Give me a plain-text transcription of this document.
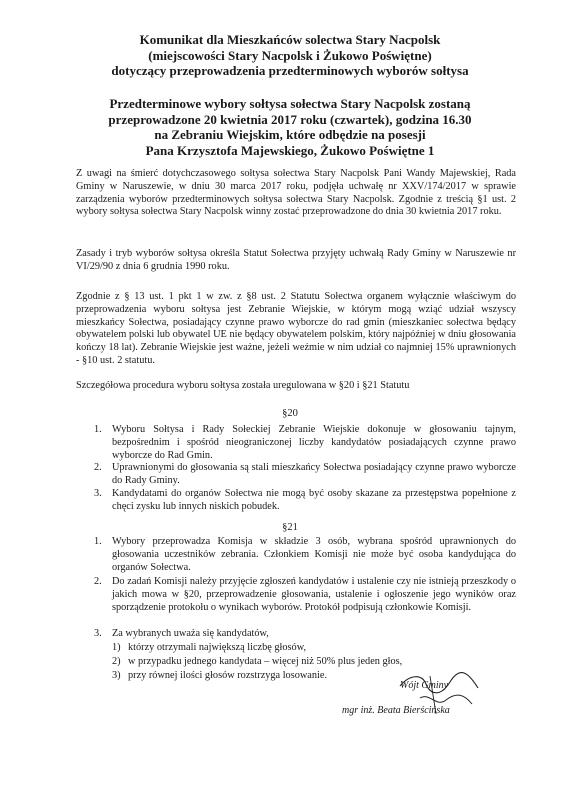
Komunikat dla Mieszkańców solectwa Stary Nacpolsk
(miejscowości Stary Nacpolsk i Żukowo Poświętne)
dotyczący przeprowadzenia przedterminowych wyborów sołtysa
Przedterminowe wybory sołtysa sołectwa Stary Nacpolsk zostaną
przeprowadzone 20 kwietnia 2017 roku (czwartek), godzina 16.30
na Zebraniu Wiejskim, które odbędzie na posesji
Pana Krzysztofa Majewskiego, Żukowo Poświętne 1
Z uwagi na śmierć dotychczasowego sołtysa sołectwa Stary Nacpolsk Pani Wandy Majewskiej, Rada Gminy w Naruszewie, w dniu 30 marca 2017 roku, podjęła uchwałę nr XXV/174/2017 w sprawie zarządzenia wyborów przedterminowych sołtysa sołectwa Stary Nacpolsk. Zgodnie z treścią §1 ust. 2 wybory sołtysa sołectwa Stary Nacpolsk winny zostać przeprowadzone do dnia 30 kwietnia 2017 roku.
Zasady i tryb wyborów sołtysa określa Statut Sołectwa przyjęty uchwałą Rady Gminy w Naruszewie nr VI/29/90 z dnia 6 grudnia 1990 roku.
Zgodnie z § 13 ust. 1 pkt 1 w zw. z §8 ust. 2 Statutu Sołectwa organem wyłącznie właściwym do przeprowadzenia wyboru sołtysa jest Zebranie Wiejskie, w którym mogą wziąć udział wszyscy mieszkańcy Sołectwa, posiadający czynne prawo wyborcze do rad gmin (mieszkaniec sołectwa będący obywatelem polski lub obywatel UE nie będący obywatelem polskim, który najpóźniej w dniu głosowania kończy 18 lat). Zebranie Wiejskie jest ważne, jeżeli weźmie w nim udział co najmniej 15% uprawnionych - §10 ust. 2 statutu.
Szczegółowa procedura wyboru sołtysa została uregulowana w §20 i §21 Statutu
§20
1. Wyboru Sołtysa i Rady Sołeckiej Zebranie Wiejskie dokonuje w głosowaniu tajnym, bezpośrednim i spośród nieograniczonej liczby kandydatów posiadających czynne prawo wyborcze do Rad Gmin.
2. Uprawnionymi do głosowania są stali mieszkańcy Sołectwa posiadający czynne prawo wyborcze do Rady Gminy.
3. Kandydatami do organów Sołectwa nie mogą być osoby skazane za przestępstwa popełnione z chęci zysku lub innych niskich pobudek.
§21
1. Wybory przeprowadza Komisja w składzie 3 osób, wybrana spośród uprawnionych do głosowania uczestników zebrania. Członkiem Komisji nie może być osoba kandydująca do organów Sołectwa.
2. Do zadań Komisji należy przyjęcie zgłoszeń kandydatów i ustalenie czy nie istnieją przeszkody o jakich mowa w §20, przeprowadzenie głosowania, ustalenie i ogłoszenie jego wyników oraz sporządzenie protokołu o wynikach wyborów. Protokół podpisują członkowie Komisji.
3. Za wybranych uważa się kandydatów,
1) którzy otrzymali największą liczbę głosów,
2) w przypadku jednego kandydata – więcej niż 50% plus jeden głos,
3) przy równej ilości głosów rozstrzyga losowanie.
Wójt Gminy
mgr inż. Beata Bierścińska
